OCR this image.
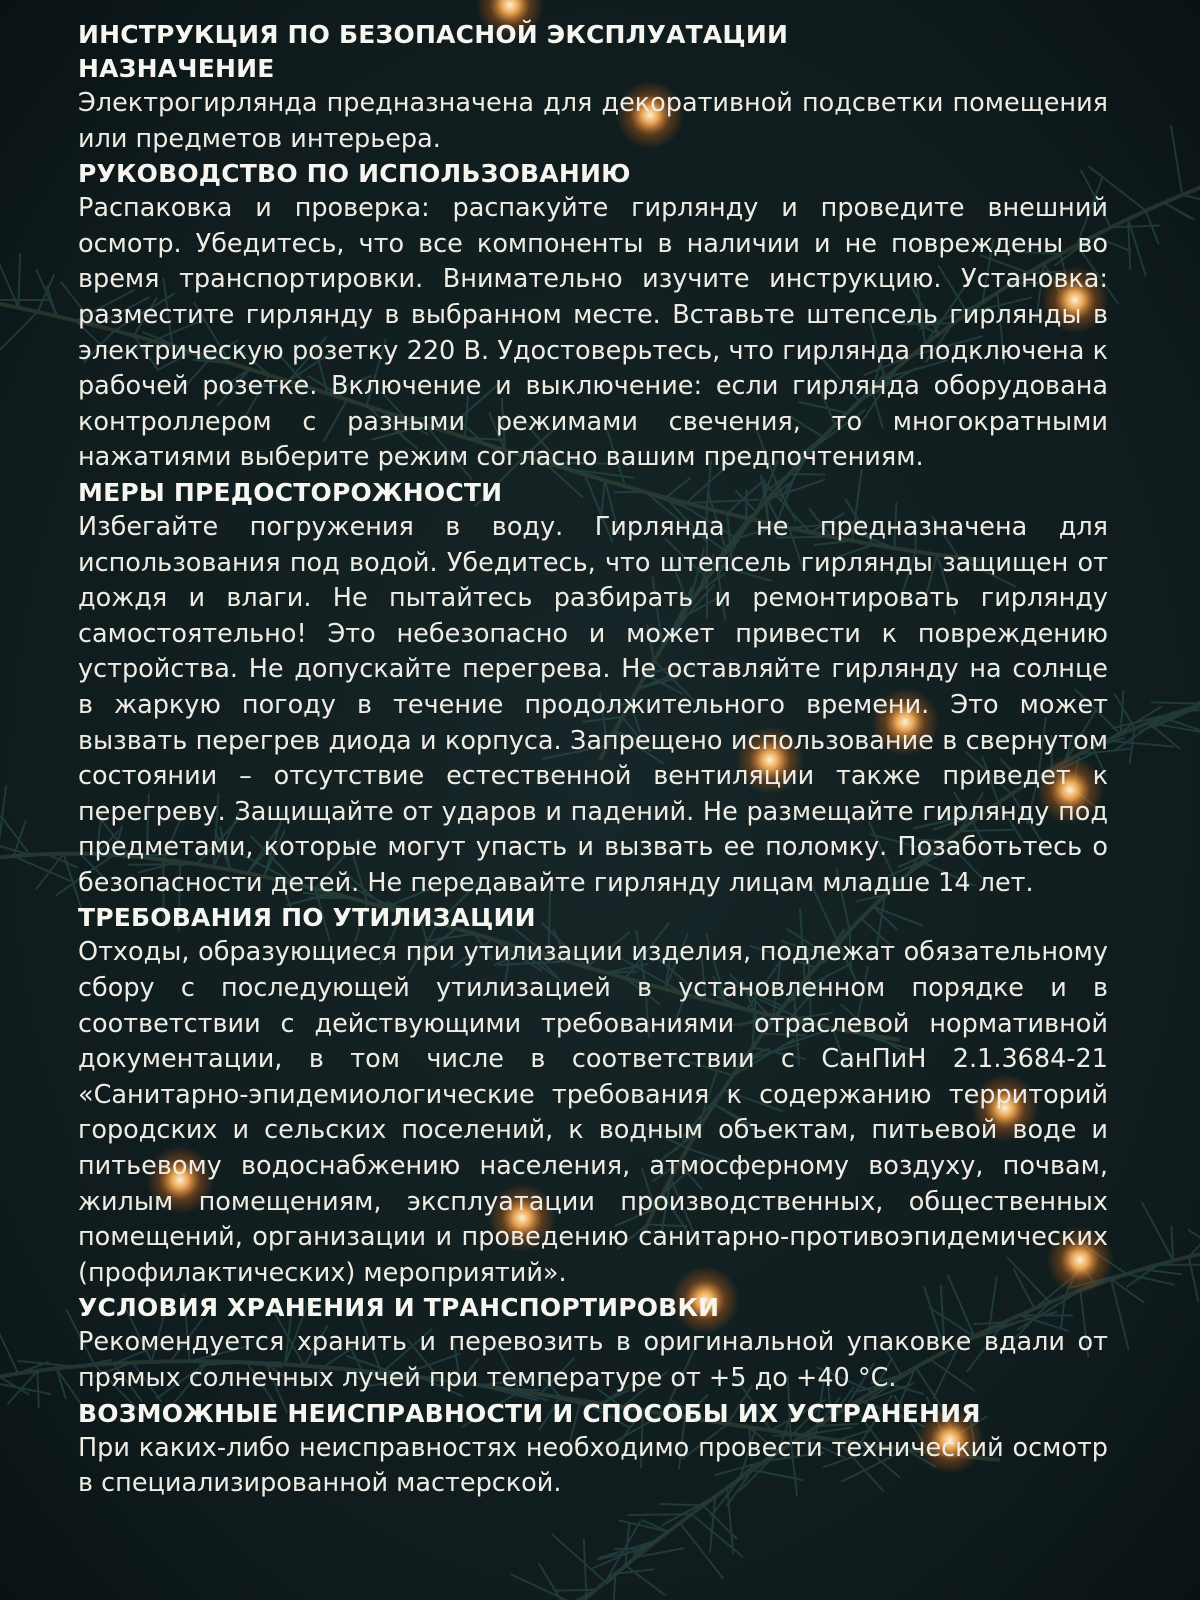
ИНСТРУКЦИЯ ПО БЕЗОПАСНОЙ ЭКСПЛУАТАЦИИ
НАЗНАЧЕНИЕ

Электрогирлянда предназначена для декоративной подсветки помещения или предметов интерьера.

РУКОВОДСТВО ПО ИСПОЛЬЗОВАНИЮ

Распаковка и проверка: распакуйте гирлянду и проведите внешний осмотр. Убедитесь, что все компоненты в наличии и не повреждены во время транспортировки. Внимательно изучите инструкцию. Установка: разместите гирлянду в выбранном месте. Вставьте штепсель гирлянды в электрическую розетку 220 В. Удостоверьтесь, что гирлянда подключена к рабочей розетке. Включение и выключение: если гирлянда оборудована контроллером с разными режимами свечения, то многократными нажатиями выберите режим согласно вашим предпочтениям.

МЕРЫ ПРЕДОСТОРОЖНОСТИ

Избегайте погружения в воду. Гирлянда не предназначена для использования под водой. Убедитесь, что штепсель гирлянды защищен от дождя и влаги. Не пытайтесь разбирать и ремонтировать гирлянду самостоятельно! Это небезопасно и может привести к повреждению устройства. Не допускайте перегрева. Не оставляйте гирлянду на солнце в жаркую погоду в течение продолжительного времени. Это может вызвать перегрев диода и корпуса. Запрещено использование в свернутом состоянии – отсутствие естественной вентиляции также приведет к перегреву. Защищайте от ударов и падений. Не размещайте гирлянду под предметами, которые могут упасть и вызвать ее поломку. Позаботьтесь о безопасности детей. Не передавайте гирлянду лицам младше 14 лет.

ТРЕБОВАНИЯ ПО УТИЛИЗАЦИИ

Отходы, образующиеся при утилизации изделия, подлежат обязательному сбору с последующей утилизацией в установленном порядке и в соответствии с действующими требованиями отраслевой нормативной документации, в том числе в соответствии с СанПиН 2.1.3684-21 «Санитарно-эпидемиологические требования к содержанию территорий городских и сельских поселений, к водным объектам, питьевой воде и питьевому водоснабжению населения, атмосферному воздуху, почвам, жилым помещениям, эксплуатации производственных, общественных помещений, организации и проведению санитарно-противоэпидемических (профилактических) мероприятий».

УСЛОВИЯ ХРАНЕНИЯ И ТРАНСПОРТИРОВКИ

Рекомендуется хранить и перевозить в оригинальной упаковке вдали от прямых солнечных лучей при температуре от +5 до +40 °С.

ВОЗМОЖНЫЕ НЕИСПРАВНОСТИ И СПОСОБЫ ИХ УСТРАНЕНИЯ

При каких-либо неисправностях необходимо провести технический осмотр в специализированной мастерской.
